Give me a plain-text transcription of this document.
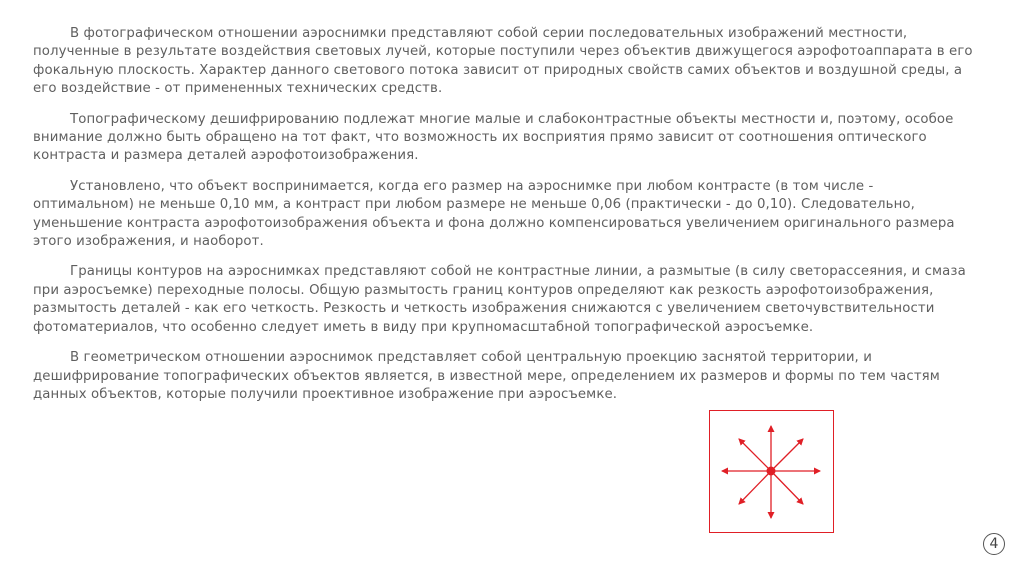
В фотографическом отношении аэроснимки представляют собой серии последовательных изображений местности, полученные в результате воздействия световых лучей, которые поступили через объектив движущегося аэрофотоаппарата в его фокальную плоскость. Характер данного светового потока зависит от природных свойств самих объектов и воздушной среды, а его воздействие - от примененных технических средств.

Топографическому дешифрированию подлежат многие малые и слабоконтрастные объекты местности и, поэтому, особое внимание должно быть обращено на тот факт, что возможность их восприятия прямо зависит от соотношения оптического контраста и размера деталей аэрофотоизображения.

Установлено, что объект воспринимается, когда его размер на аэроснимке при любом контрасте (в том числе - оптимальном) не меньше 0,10 мм, а контраст при любом размере не меньше 0,06 (практически - до 0,10). Следовательно, уменьшение контраста аэрофотоизображения объекта и фона должно компенсироваться увеличением оригинального размера этого изображения, и наоборот.

Границы контуров на аэроснимках представляют собой не контрастные линии, а размытые (в силу светорассеяния, и смаза при аэросъемке) переходные полосы. Общую размытость границ контуров определяют как резкость аэрофотоизображения, размытость деталей - как его четкость. Резкость и четкость изображения снижаются с увеличением светочувствительности фотоматериалов, что особенно следует иметь в виду при крупномасштабной топографической аэросъемке.

В геометрическом отношении аэроснимок представляет собой центральную проекцию заснятой территории, и дешифрирование топографических объектов является, в известной мере, определением их размеров и формы по тем частям данных объектов, которые получили проективное изображение при аэросъемке.

4
